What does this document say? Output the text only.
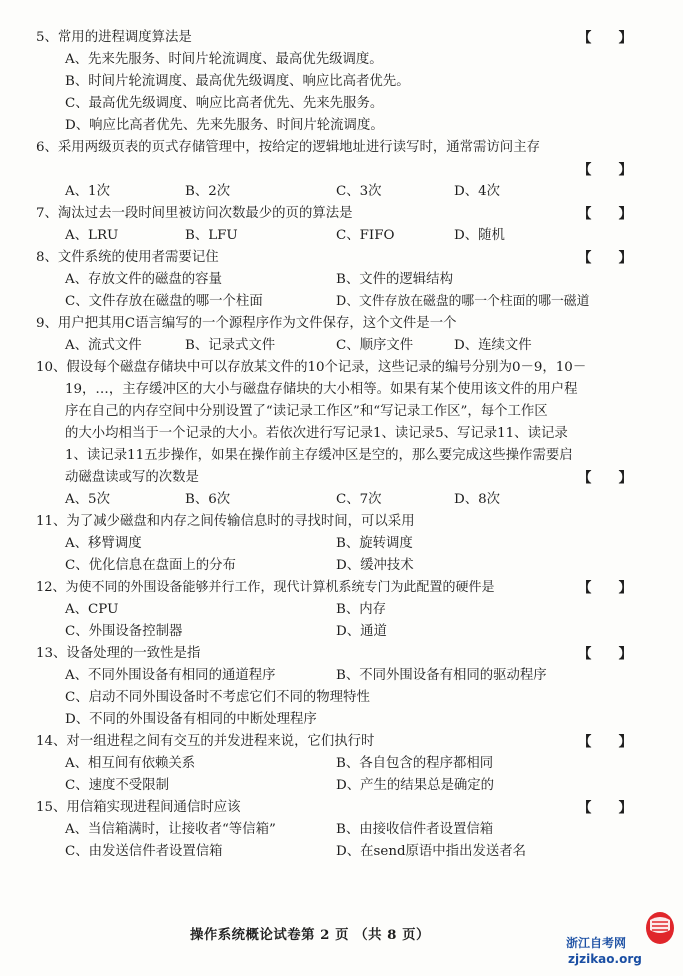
5、常用的进程调度算法是	【 】
A、先来先服务、时间片轮流调度、最高优先级调度。
B、时间片轮流调度、最高优先级调度、响应比高者优先。
C、最高优先级调度、响应比高者优先、先来先服务。
D、响应比高者优先、先来先服务、时间片轮流调度。
6、采用两级页表的页式存储管理中，按给定的逻辑地址进行读写时，通常需访问主存
【 】
A、1次	B、2次	C、3次	D、4次
7、淘汰过去一段时间里被访问次数最少的页的算法是	【 】
A、LRU	B、LFU	C、FIFO	D、随机
8、文件系统的使用者需要记住	【 】
A、存放文件的磁盘的容量	B、文件的逻辑结构
C、文件存放在磁盘的哪一个柱面	D、文件存放在磁盘的哪一个柱面的哪一磁道
9、用户把其用C语言编写的一个源程序作为文件保存，这个文件是一个
A、流式文件	B、记录式文件	C、顺序文件	D、连续文件
10、假设每个磁盘存储块中可以存放某文件的10个记录，这些记录的编号分别为0－9，10－
19，…，主存缓冲区的大小与磁盘存储块的大小相等。如果有某个使用该文件的用户程
序在自己的内存空间中分别设置了“读记录工作区”和“写记录工作区”，每个工作区
的大小均相当于一个记录的大小。若依次进行写记录1、读记录5、写记录11、读记录
1、读记录11五步操作，如果在操作前主存缓冲区是空的，那么要完成这些操作需要启
动磁盘读或写的次数是	【 】
A、5次	B、6次	C、7次	D、8次
11、为了减少磁盘和内存之间传输信息时的寻找时间，可以采用
A、移臂调度	B、旋转调度
C、优化信息在盘面上的分布	D、缓冲技术
12、为使不同的外围设备能够并行工作，现代计算机系统专门为此配置的硬件是	【 】
A、CPU	B、内存
C、外围设备控制器	D、通道
13、设备处理的一致性是指	【 】
A、不同外围设备有相同的通道程序	B、不同外围设备有相同的驱动程序
C、启动不同外围设备时不考虑它们不同的物理特性
D、不同的外围设备有相同的中断处理程序
14、对一组进程之间有交互的并发进程来说，它们执行时	【 】
A、相互间有依赖关系	B、各自包含的程序都相同
C、速度不受限制	D、产生的结果总是确定的
15、用信箱实现进程间通信时应该	【 】
A、当信箱满时，让接收者“等信箱”	B、由接收信件者设置信箱
C、由发送信件者设置信箱	D、在send原语中指出发送者名
操作系统概论试卷第 2 页 （共 8 页）	浙江自考网
zjzikao.org
